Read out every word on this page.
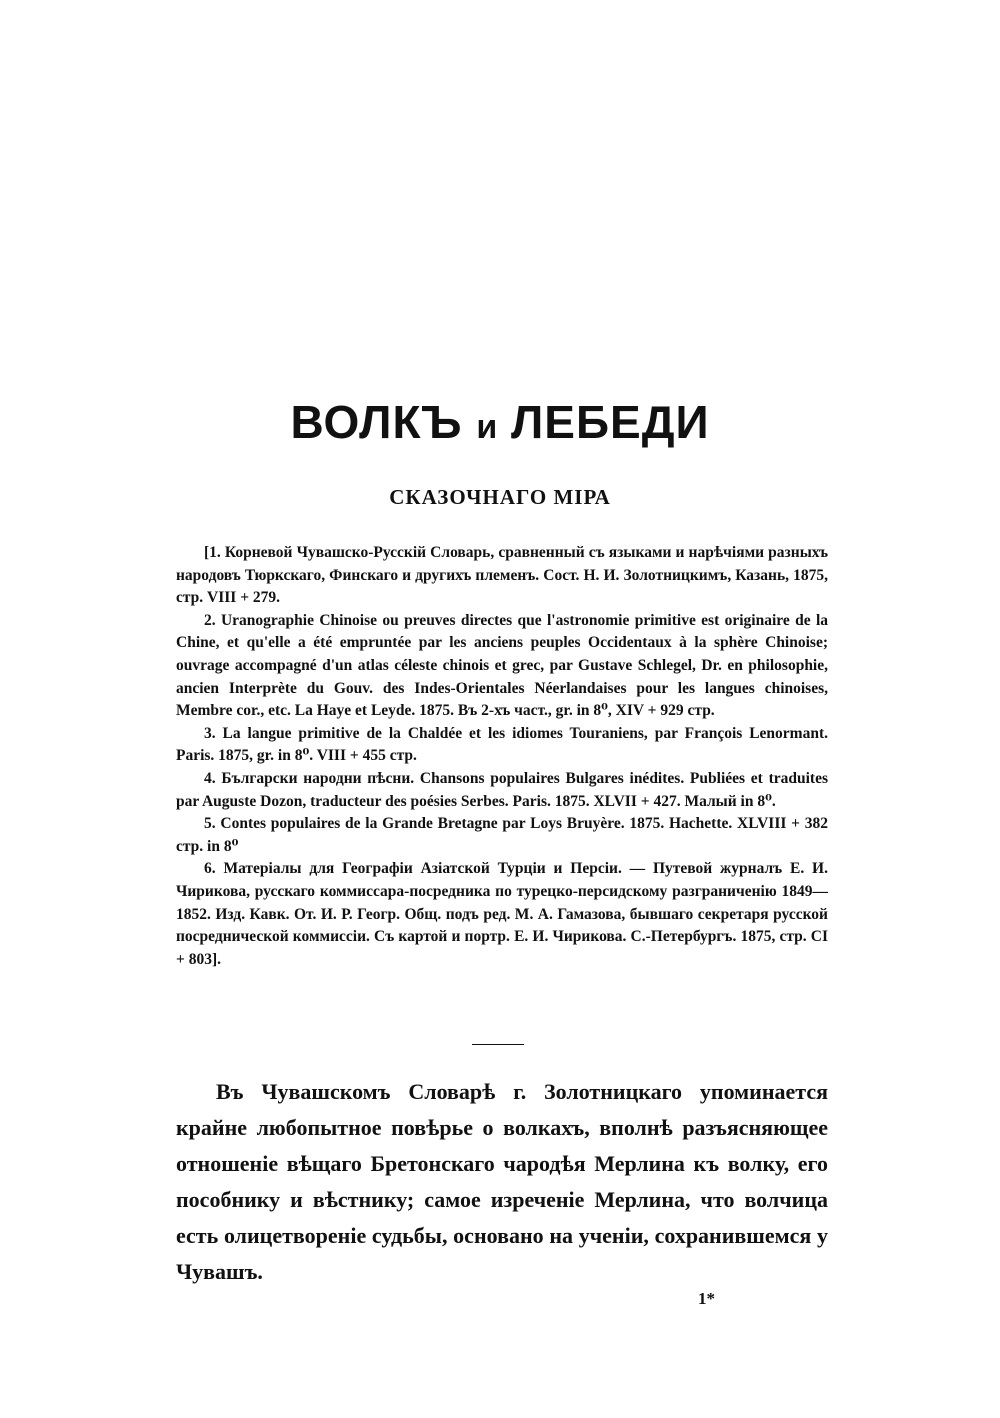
ВОЛКЪ и ЛЕБЕДИ
СКАЗОЧНАГО МІРА

[1. Корневой Чувашско-Русскій Словарь, сравненный съ языками и нарѣчіями разныхъ народовъ Тюркскаго, Финскаго и другихъ племенъ. Сост. Н. И. Золотницкимъ, Казань, 1875, стр. VIII + 279.

2. Uranographie Chinoise ou preuves directes que l'astronomie primitive est originaire de la Chine, et qu'elle a été empruntée par les anciens peuples Occidentaux à la sphère Chinoise; ouvrage accompagné d'un atlas céleste chinois et grec, par Gustave Schlegel, Dr. en philosophie, ancien Interprète du Gouv. des Indes-Orientales Néerlandaises pour les langues chinoises, Membre cor., etc. La Haye et Leyde. 1875. Въ 2-хъ част., gr. in 8⁰, XIV + 929 стр.

3. La langue primitive de la Chaldée et les idiomes Touraniens, par François Lenormant. Paris. 1875, gr. in 8⁰. VIII + 455 стр.

4. Български народни пѣсни. Chansons populaires Bulgares inédites. Publiées et traduites par Auguste Dozon, traducteur des poésies Serbes. Paris. 1875. XLVII + 427. Малый in 8⁰.

5. Contes populaires de la Grande Bretagne par Loys Bruyère. 1875. Hachette. XLVIII + 382 стр. in 8⁰

6. Матеріалы для Географіи Азіатской Турціи и Персіи. — Путевой журналъ Е. И. Чирикова, русскаго коммиссара-посредника по турецко-персидскому разграниченію 1849—1852. Изд. Кавк. От. И. Р. Геогр. Общ. подъ ред. М. А. Гамазова, бывшаго секретаря русской посреднической коммиссіи. Съ картой и портр. Е. И. Чирикова. С.-Петербургъ. 1875, стр. CI + 803].

Въ Чувашскомъ Словарѣ г. Золотницкаго упоминается крайне любопытное повѣрье о волкахъ, вполнѣ разъясняющее отношеніе вѣщаго Бретонскаго чародѣя Мерлина къ волку, его пособнику и вѣстнику; самое изреченіе Мерлина, что волчица есть олицетвореніе судьбы, основано на ученіи, сохранившемся у Чувашъ.

1*
